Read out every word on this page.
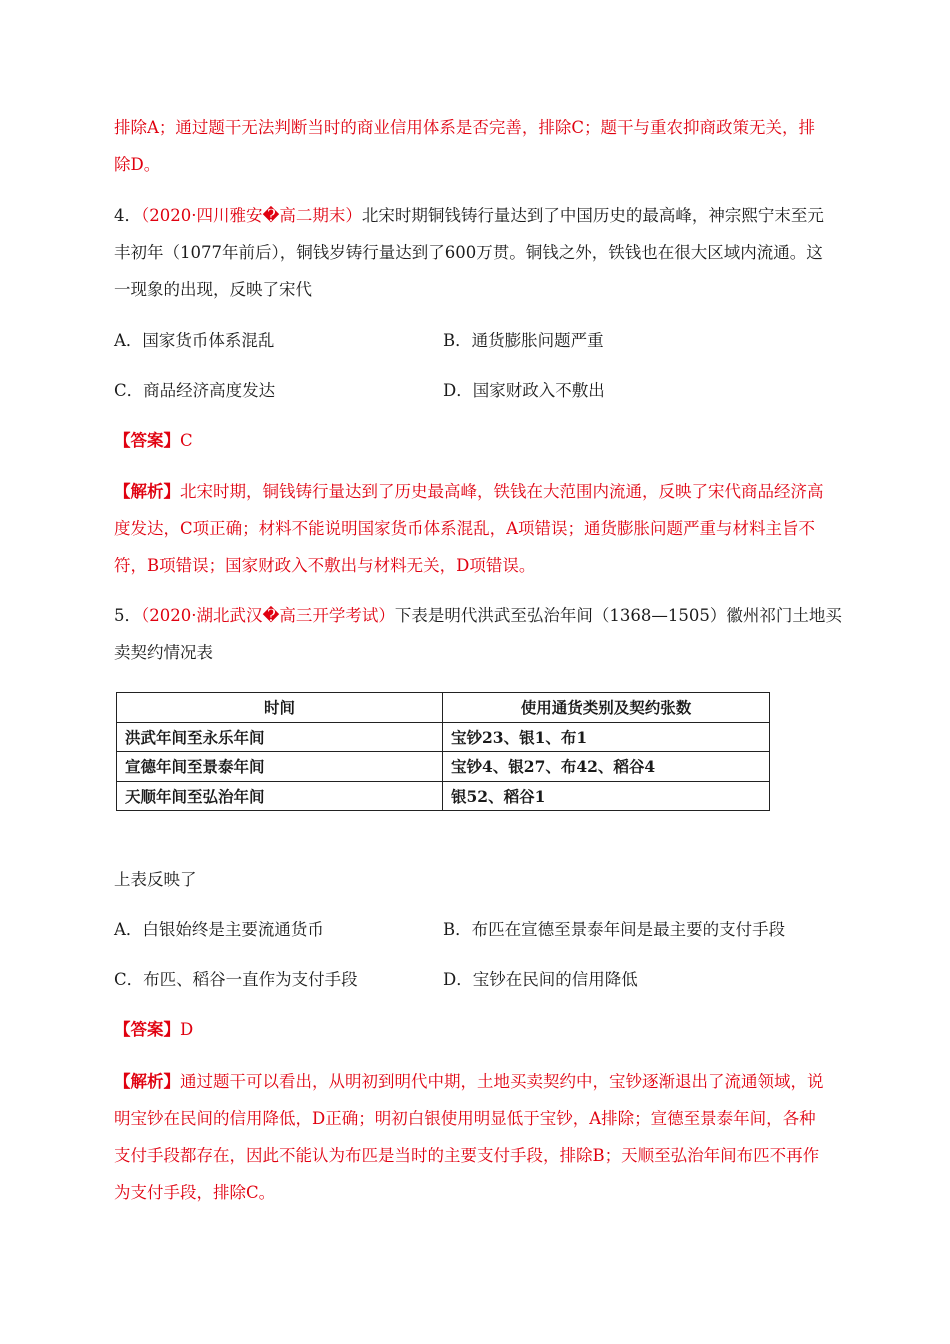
排除A；通过题干无法判断当时的商业信用体系是否完善，排除C；题干与重农抑商政策无关，排
除D。
4．（2020·四川雅安�高二期末）北宋时期铜钱铸行量达到了中国历史的最高峰，神宗熙宁末至元
丰初年（1077年前后），铜钱岁铸行量达到了600万贯。铜钱之外，铁钱也在很大区域内流通。这
一现象的出现，反映了宋代
A．国家货币体系混乱	B．通货膨胀问题严重
C．商品经济高度发达	D．国家财政入不敷出
【答案】C
【解析】北宋时期，铜钱铸行量达到了历史最高峰，铁钱在大范围内流通，反映了宋代商品经济高
度发达，C项正确；材料不能说明国家货币体系混乱，A项错误；通货膨胀问题严重与材料主旨不
符，B项错误；国家财政入不敷出与材料无关，D项错误。
5．（2020·湖北武汉�高三开学考试）下表是明代洪武至弘治年间（1368—1505）徽州祁门土地买
卖契约情况表
时间	使用通货类别及契约张数
洪武年间至永乐年间	宝钞23、银1、布1
宣德年间至景泰年间	宝钞4、银27、布42、稻谷4
天顺年间至弘治年间	银52、稻谷1
上表反映了
A．白银始终是主要流通货币	B．布匹在宣德至景泰年间是最主要的支付手段
C．布匹、稻谷一直作为支付手段	D．宝钞在民间的信用降低
【答案】D
【解析】通过题干可以看出，从明初到明代中期，土地买卖契约中，宝钞逐渐退出了流通领域，说
明宝钞在民间的信用降低，D正确；明初白银使用明显低于宝钞，A排除；宣德至景泰年间，各种
支付手段都存在，因此不能认为布匹是当时的主要支付手段，排除B；天顺至弘治年间布匹不再作
为支付手段，排除C。
